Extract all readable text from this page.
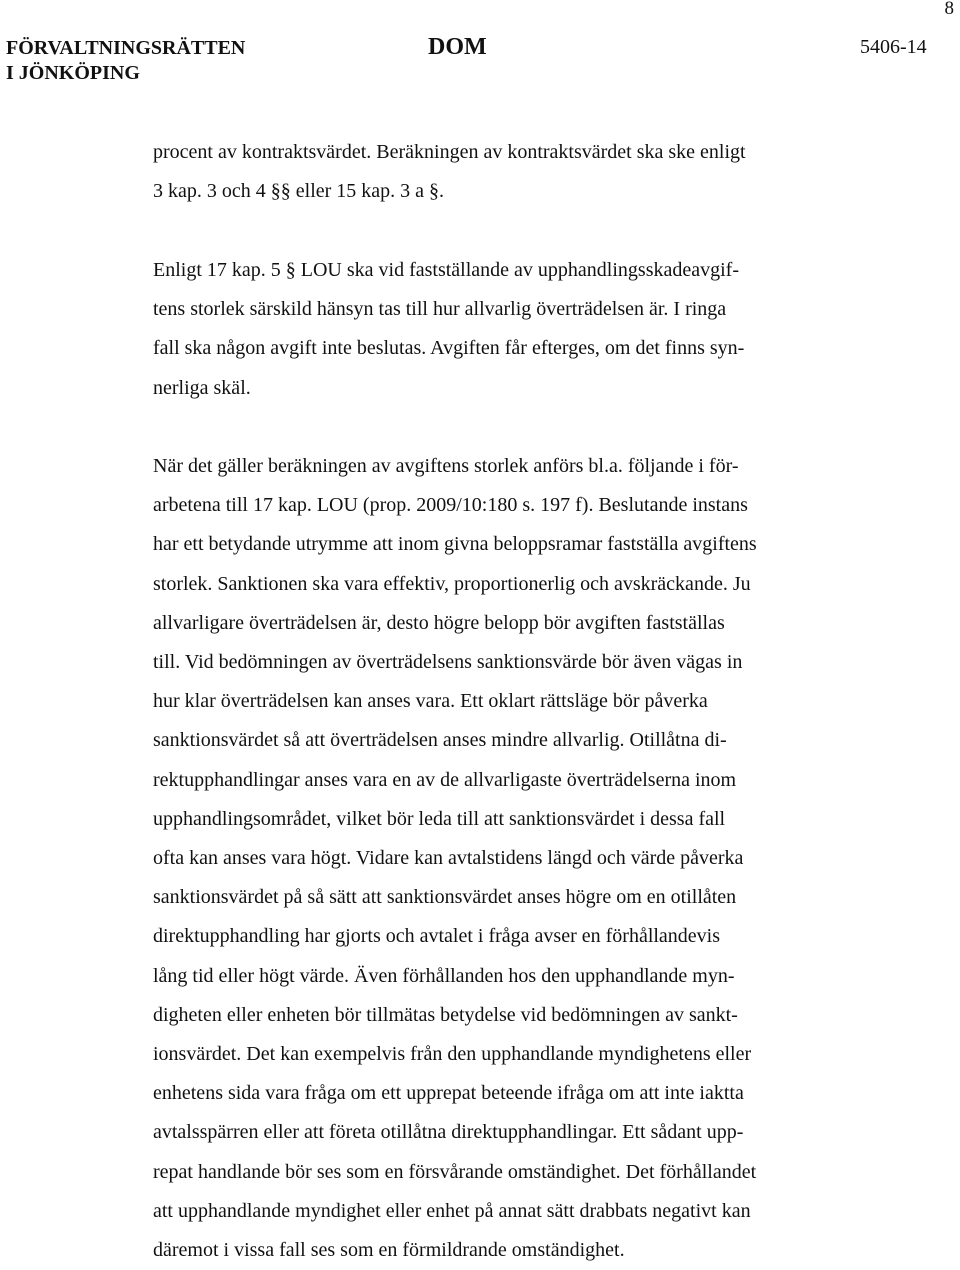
8
FÖRVALTNINGSRÄTTEN
I JÖNKÖPING
DOM	5406-14
procent av kontraktsvärdet. Beräkningen av kontraktsvärdet ska ske enligt
3 kap. 3 och 4 §§ eller 15 kap. 3 a §.
Enligt 17 kap. 5 § LOU ska vid fastställande av upphandlingsskadeavgif-
tens storlek särskild hänsyn tas till hur allvarlig överträdelsen är. I ringa
fall ska någon avgift inte beslutas. Avgiften får efterges, om det finns syn-
nerliga skäl.
När det gäller beräkningen av avgiftens storlek anförs bl.a. följande i för-
arbetena till 17 kap. LOU (prop. 2009/10:180 s. 197 f). Beslutande instans
har ett betydande utrymme att inom givna beloppsramar fastställa avgiftens
storlek. Sanktionen ska vara effektiv, proportionerlig och avskräckande. Ju
allvarligare överträdelsen är, desto högre belopp bör avgiften fastställas
till. Vid bedömningen av överträdelsens sanktionsvärde bör även vägas in
hur klar överträdelsen kan anses vara. Ett oklart rättsläge bör påverka
sanktionsvärdet så att överträdelsen anses mindre allvarlig. Otillåtna di-
rektupphandlingar anses vara en av de allvarligaste överträdelserna inom
upphandlingsområdet, vilket bör leda till att sanktionsvärdet i dessa fall
ofta kan anses vara högt. Vidare kan avtalstidens längd och värde påverka
sanktionsvärdet på så sätt att sanktionsvärdet anses högre om en otillåten
direktupphandling har gjorts och avtalet i fråga avser en förhållandevis
lång tid eller högt värde. Även förhållanden hos den upphandlande myn-
digheten eller enheten bör tillmätas betydelse vid bedömningen av sankt-
ionsvärdet. Det kan exempelvis från den upphandlande myndighetens eller
enhetens sida vara fråga om ett upprepat beteende ifråga om att inte iaktta
avtalsspärren eller att företa otillåtna direktupphandlingar. Ett sådant upp-
repat handlande bör ses som en försvårande omständighet. Det förhållandet
att upphandlande myndighet eller enhet på annat sätt drabbats negativt kan
däremot i vissa fall ses som en förmildrande omständighet.
